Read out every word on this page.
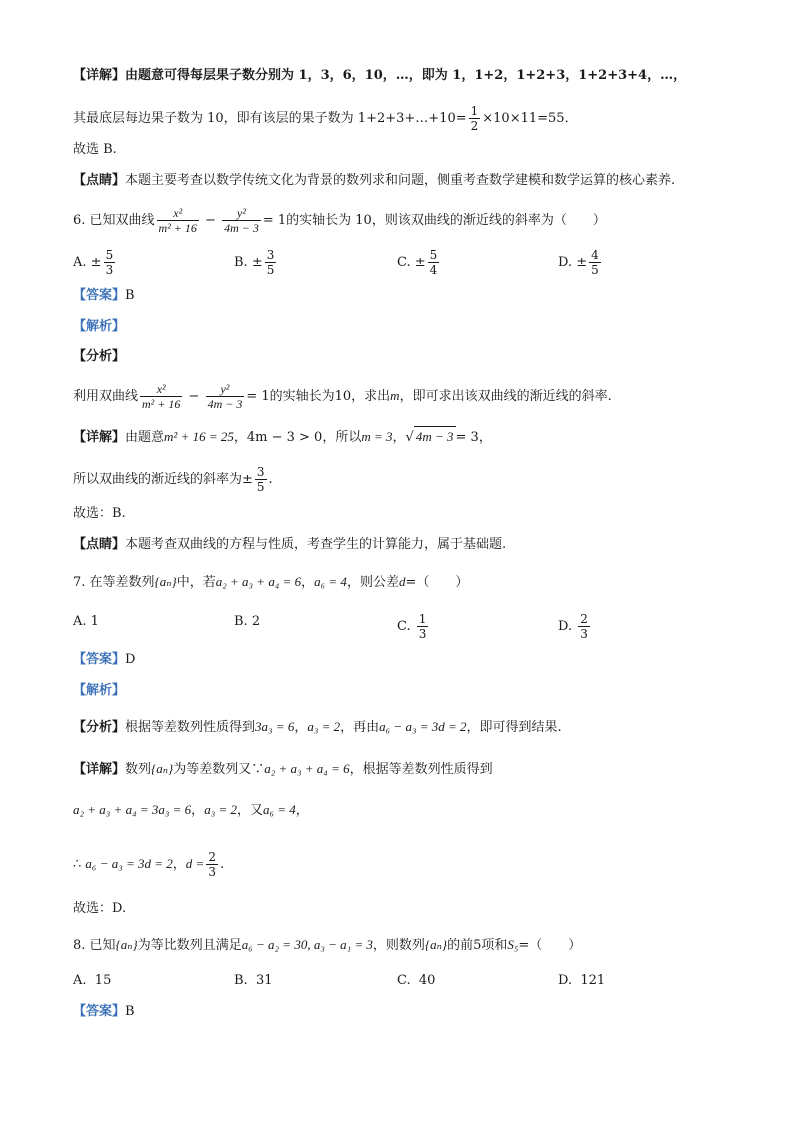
【详解】由题意可得每层果子数分别为 1，3，6，10，…，即为 1，1+2，1+2+3，1+2+3+4，…，
其最底层每边果子数为 10，即有该层的果子数为 1+2+3+…+10= $\frac{1}{2} \times 10\times 11=55$．
故选 B.
【点睛】本题主要考查以数学传统文化为背景的数列求和问题，侧重考查数学建模和数学运算的核心素养.
6. 已知双曲线 $\frac{\text{x²}}{\text{m² + 16}} - \frac{\text{y²}}{4m - 3} = 1$的实轴长为 10，则该双曲线的渐近线的斜率为（　　）
A. ± $\frac{5}{3}$	B. ± $\frac{3}{5}$	C. ± $\frac{5}{4}$	D. ± $\frac{4}{5}$
【答案】B
【解析】
【分析】
利用双曲线 $\frac{\text{x²}}{\text{m² + 16}} - \frac{\text{y²}}{4m - 3} = 1$的实轴长为10，求出m，即可求出该双曲线的渐近线的斜率.
【详解】由题意m² + 16 = 25，4m − 3 > 0，所以m = 3，√ 4m − 3 = 3，
所以双曲线的渐近线的斜率为± $\frac{3}{5}$ .
故选：B.
【点睛】本题考查双曲线的方程与性质，考查学生的计算能力，属于基础题.
7. 在等差数列{aₙ}中，若a₂ + a₃ + a₄ = 6，a₆ = 4，则公差d=（　　）
A. 1	B. 2	C. $\frac{1}{3}$	D. $\frac{2}{3}$
【答案】D
【解析】
【分析】根据等差数列性质得到3a₃ = 6，a₃ = 2，再由a₆ − a₃ = 3d = 2，即可得到结果.
【详解】数列{aₙ}为等差数列又∵a₂ + a₃ + a₄ = 6，根据等差数列性质得到
a₂ + a₃ + a₄ = 3a₃ = 6，a₃ = 2，又a₆ = 4，
∴ a₆ − a₃ = 3d = 2，$d = \frac{2}{3}$ .
故选：D.
8. 已知{aₙ}为等比数列且满足a₆ − a₂ = 30, a₃ − a₁ = 3，则数列{aₙ}的前5项和S₅=（　　）
A. 15	B. 31	C. 40	D. 121
【答案】B
